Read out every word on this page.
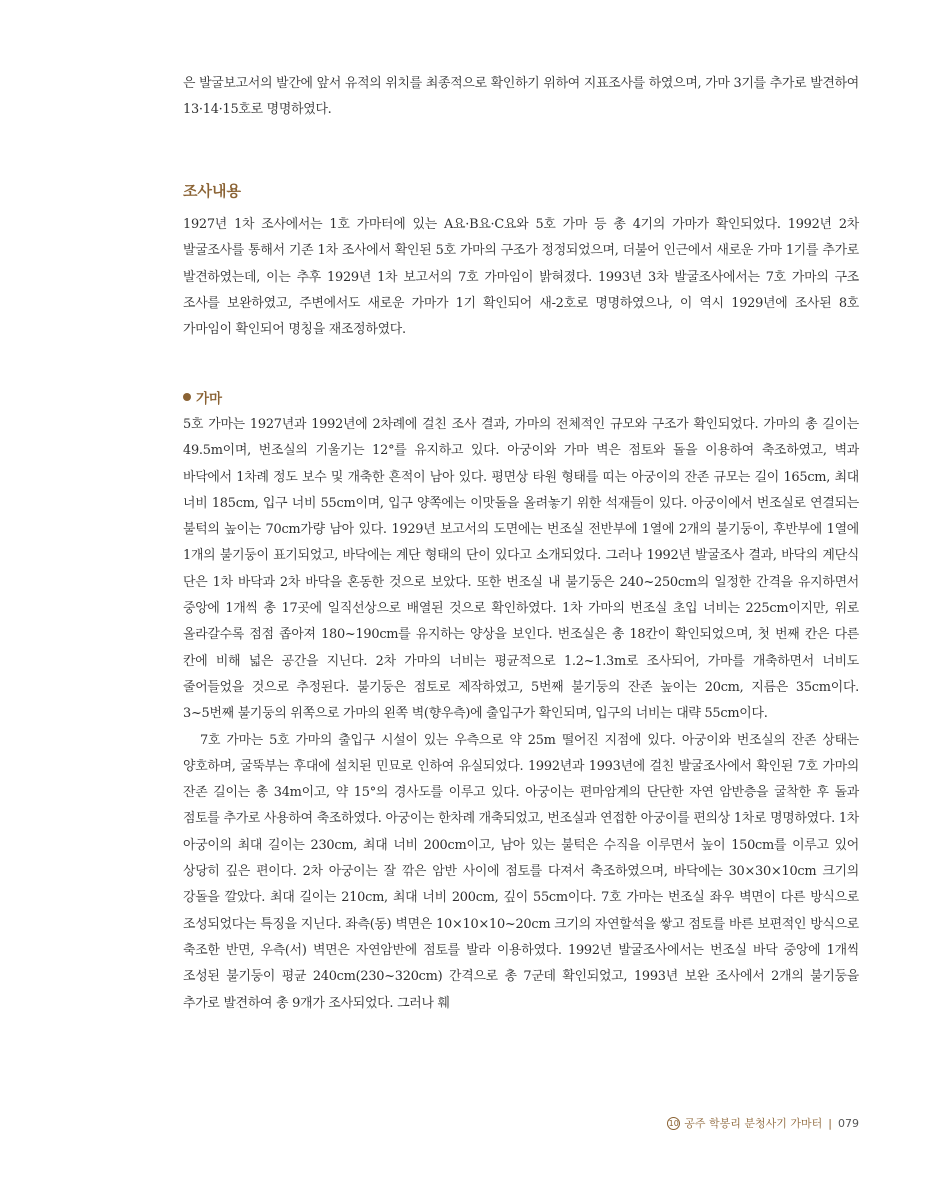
은 발굴보고서의 발간에 앞서 유적의 위치를 최종적으로 확인하기 위하여 지표조사를 하였으며, 가마 3기를 추가로 발견하여 13·14·15호로 명명하였다.

조사내용

1927년 1차 조사에서는 1호 가마터에 있는 A요·B요·C요와 5호 가마 등 총 4기의 가마가 확인되었다. 1992년 2차 발굴조사를 통해서 기존 1차 조사에서 확인된 5호 가마의 구조가 정정되었으며, 더불어 인근에서 새로운 가마 1기를 추가로 발견하였는데, 이는 추후 1929년 1차 보고서의 7호 가마임이 밝혀졌다. 1993년 3차 발굴조사에서는 7호 가마의 구조 조사를 보완하였고, 주변에서도 새로운 가마가 1기 확인되어 새-2호로 명명하였으나, 이 역시 1929년에 조사된 8호 가마임이 확인되어 명칭을 재조정하였다.

가마

5호 가마는 1927년과 1992년에 2차례에 걸친 조사 결과, 가마의 전체적인 규모와 구조가 확인되었다. 가마의 총 길이는 49.5m이며, 번조실의 기울기는 12°를 유지하고 있다. 아궁이와 가마 벽은 점토와 돌을 이용하여 축조하였고, 벽과 바닥에서 1차례 정도 보수 및 개축한 흔적이 남아 있다. 평면상 타원 형태를 띠는 아궁이의 잔존 규모는 길이 165cm, 최대 너비 185cm, 입구 너비 55cm이며, 입구 양쪽에는 이맛돌을 올려놓기 위한 석재들이 있다. 아궁이에서 번조실로 연결되는 불턱의 높이는 70cm가량 남아 있다. 1929년 보고서의 도면에는 번조실 전반부에 1열에 2개의 불기둥이, 후반부에 1열에 1개의 불기둥이 표기되었고, 바닥에는 계단 형태의 단이 있다고 소개되었다. 그러나 1992년 발굴조사 결과, 바닥의 계단식 단은 1차 바닥과 2차 바닥을 혼동한 것으로 보았다. 또한 번조실 내 불기둥은 240~250cm의 일정한 간격을 유지하면서 중앙에 1개씩 총 17곳에 일직선상으로 배열된 것으로 확인하였다. 1차 가마의 번조실 초입 너비는 225cm이지만, 위로 올라갈수록 점점 좁아져 180~190cm를 유지하는 양상을 보인다. 번조실은 총 18칸이 확인되었으며, 첫 번째 칸은 다른 칸에 비해 넓은 공간을 지닌다. 2차 가마의 너비는 평균적으로 1.2~1.3m로 조사되어, 가마를 개축하면서 너비도 줄어들었을 것으로 추정된다. 불기둥은 점토로 제작하였고, 5번째 불기둥의 잔존 높이는 20cm, 지름은 35cm이다. 3~5번째 불기둥의 위쪽으로 가마의 왼쪽 벽(향우측)에 출입구가 확인되며, 입구의 너비는 대략 55cm이다.

7호 가마는 5호 가마의 출입구 시설이 있는 우측으로 약 25m 떨어진 지점에 있다. 아궁이와 번조실의 잔존 상태는 양호하며, 굴뚝부는 후대에 설치된 민묘로 인하여 유실되었다. 1992년과 1993년에 걸친 발굴조사에서 확인된 7호 가마의 잔존 길이는 총 34m이고, 약 15°의 경사도를 이루고 있다. 아궁이는 편마암계의 단단한 자연 암반층을 굴착한 후 돌과 점토를 추가로 사용하여 축조하였다. 아궁이는 한차례 개축되었고, 번조실과 연접한 아궁이를 편의상 1차로 명명하였다. 1차 아궁이의 최대 길이는 230cm, 최대 너비 200cm이고, 남아 있는 불턱은 수직을 이루면서 높이 150cm를 이루고 있어 상당히 깊은 편이다. 2차 아궁이는 잘 깎은 암반 사이에 점토를 다져서 축조하였으며, 바닥에는 30×30×10cm 크기의 강돌을 깔았다. 최대 길이는 210cm, 최대 너비 200cm, 깊이 55cm이다. 7호 가마는 번조실 좌우 벽면이 다른 방식으로 조성되었다는 특징을 지닌다. 좌측(동) 벽면은 10×10×10~20cm 크기의 자연할석을 쌓고 점토를 바른 보편적인 방식으로 축조한 반면, 우측(서) 벽면은 자연암반에 점토를 발라 이용하였다. 1992년 발굴조사에서는 번조실 바닥 중앙에 1개씩 조성된 불기둥이 평균 240cm(230~320cm) 간격으로 총 7군데 확인되었고, 1993년 보완 조사에서 2개의 불기둥을 추가로 발견하여 총 9개가 조사되었다. 그러나 훼

10 공주 학봉리 분청사기 가마터 | 079
